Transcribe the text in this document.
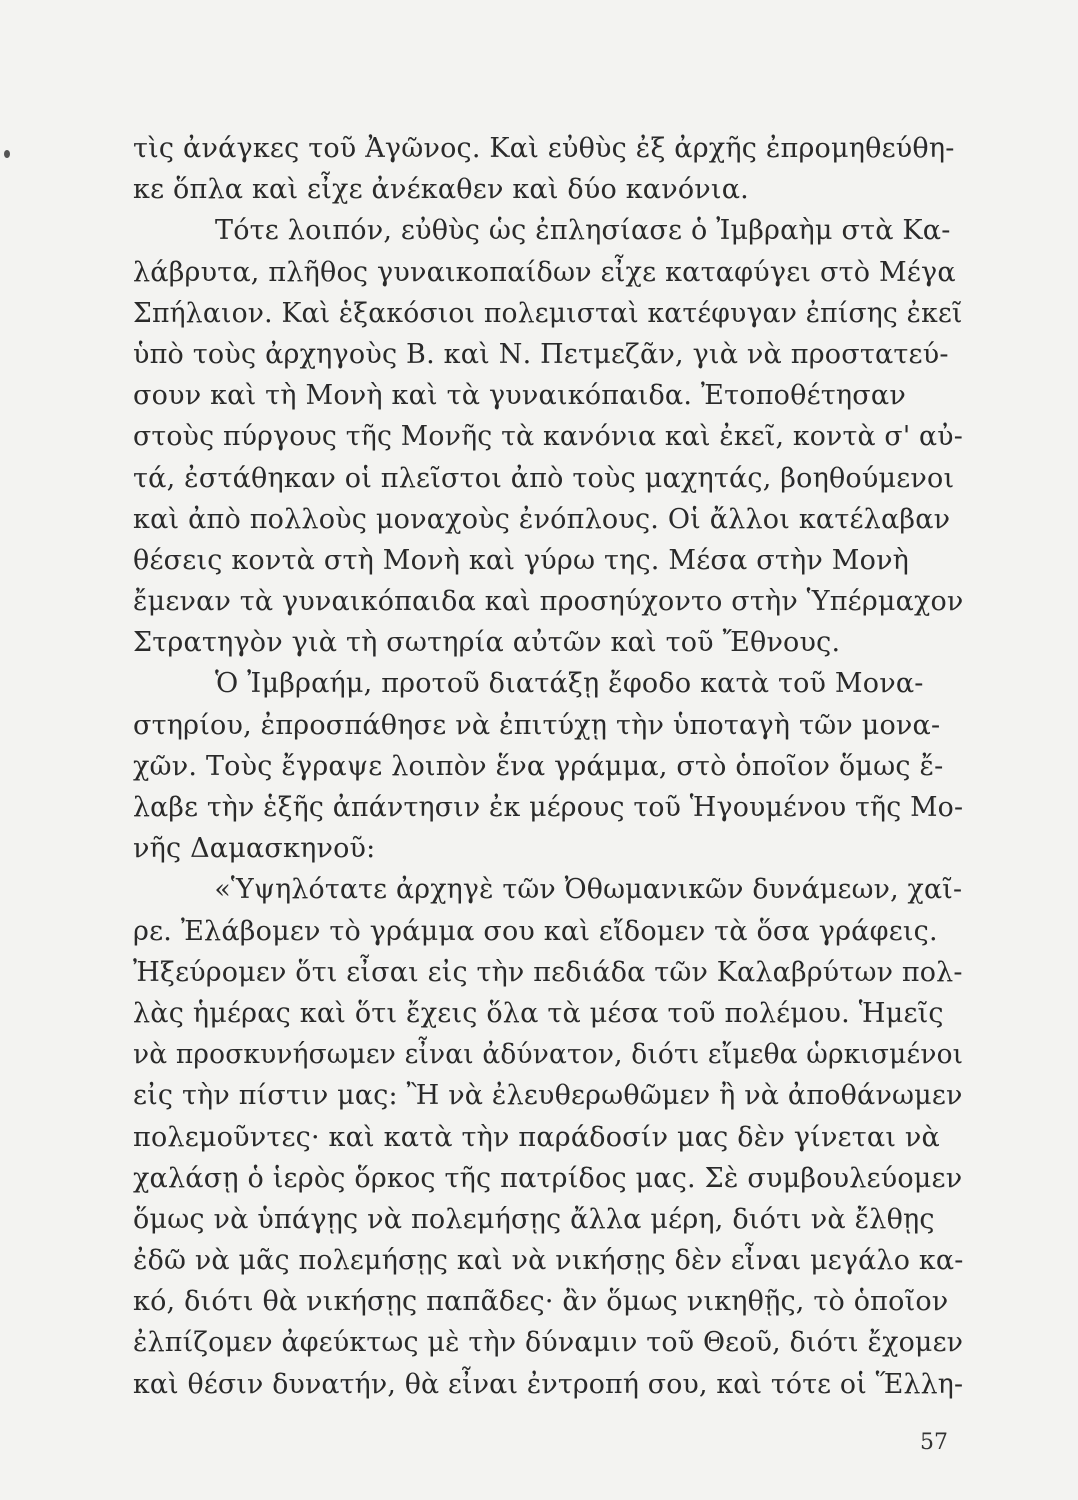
τὶς ἀνάγκες τοῦ Ἀγῶνος. Καὶ εὐθὺς ἐξ ἀρχῆς ἐπρομηθεύθη-
κε ὅπλα καὶ εἶχε ἀνέκαθεν καὶ δύο κανόνια.
Τότε λοιπόν, εὐθὺς ὡς ἐπλησίασε ὁ Ἰμβραὴμ στὰ Κα-
λάβρυτα, πλῆθος γυναικοπαίδων εἶχε καταφύγει στὸ Μέγα
Σπήλαιον. Καὶ ἑξακόσιοι πολεμισταὶ κατέφυγαν ἐπίσης ἐκεῖ
ὑπὸ τοὺς ἀρχηγοὺς Β. καὶ Ν. Πετμεζᾶν, γιὰ νὰ προστατεύ-
σουν καὶ τὴ Μονὴ καὶ τὰ γυναικόπαιδα. Ἐτοποθέτησαν
στοὺς πύργους τῆς Μονῆς τὰ κανόνια καὶ ἐκεῖ, κοντὰ σ' αὐ-
τά, ἐστάθηκαν οἱ πλεῖστοι ἀπὸ τοὺς μαχητάς, βοηθούμενοι
καὶ ἀπὸ πολλοὺς μοναχοὺς ἐνόπλους. Οἱ ἄλλοι κατέλαβαν
θέσεις κοντὰ στὴ Μονὴ καὶ γύρω της. Μέσα στὴν Μονὴ
ἔμεναν τὰ γυναικόπαιδα καὶ προσηύχοντο στὴν Ὑπέρμαχον
Στρατηγὸν γιὰ τὴ σωτηρία αὐτῶν καὶ τοῦ Ἔθνους.
Ὁ Ἰμβραήμ, προτοῦ διατάξῃ ἔφοδο κατὰ τοῦ Μονα-
στηρίου, ἐπροσπάθησε νὰ ἐπιτύχῃ τὴν ὑποταγὴ τῶν μονα-
χῶν. Τοὺς ἔγραψε λοιπὸν ἕνα γράμμα, στὸ ὁποῖον ὅμως ἔ-
λαβε τὴν ἑξῆς ἀπάντησιν ἐκ μέρους τοῦ Ἡγουμένου τῆς Μο-
νῆς Δαμασκηνοῦ:
«Ὑψηλότατε ἀρχηγὲ τῶν Ὀθωμανικῶν δυνάμεων, χαῖ-
ρε. Ἐλάβομεν τὸ γράμμα σου καὶ εἴδομεν τὰ ὅσα γράφεις.
Ἠξεύρομεν ὅτι εἶσαι εἰς τὴν πεδιάδα τῶν Καλαβρύτων πολ-
λὰς ἡμέρας καὶ ὅτι ἔχεις ὅλα τὰ μέσα τοῦ πολέμου. Ἡμεῖς
νὰ προσκυνήσωμεν εἶναι ἀδύνατον, διότι εἴμεθα ὡρκισμένοι
εἰς τὴν πίστιν μας: Ἢ νὰ ἐλευθερωθῶμεν ἢ νὰ ἀποθάνωμεν
πολεμοῦντες· καὶ κατὰ τὴν παράδοσίν μας δὲν γίνεται νὰ
χαλάσῃ ὁ ἱερὸς ὅρκος τῆς πατρίδος μας. Σὲ συμβουλεύομεν
ὅμως νὰ ὑπάγῃς νὰ πολεμήσῃς ἄλλα μέρη, διότι νὰ ἔλθῃς
ἐδῶ νὰ μᾶς πολεμήσῃς καὶ νὰ νικήσῃς δὲν εἶναι μεγάλο κα-
κό, διότι θὰ νικήσῃς παπᾶδες· ἂν ὅμως νικηθῇς, τὸ ὁποῖον
ἐλπίζομεν ἀφεύκτως μὲ τὴν δύναμιν τοῦ Θεοῦ, διότι ἔχομεν
καὶ θέσιν δυνατήν, θὰ εἶναι ἐντροπή σου, καὶ τότε οἱ Ἕλλη-
57
